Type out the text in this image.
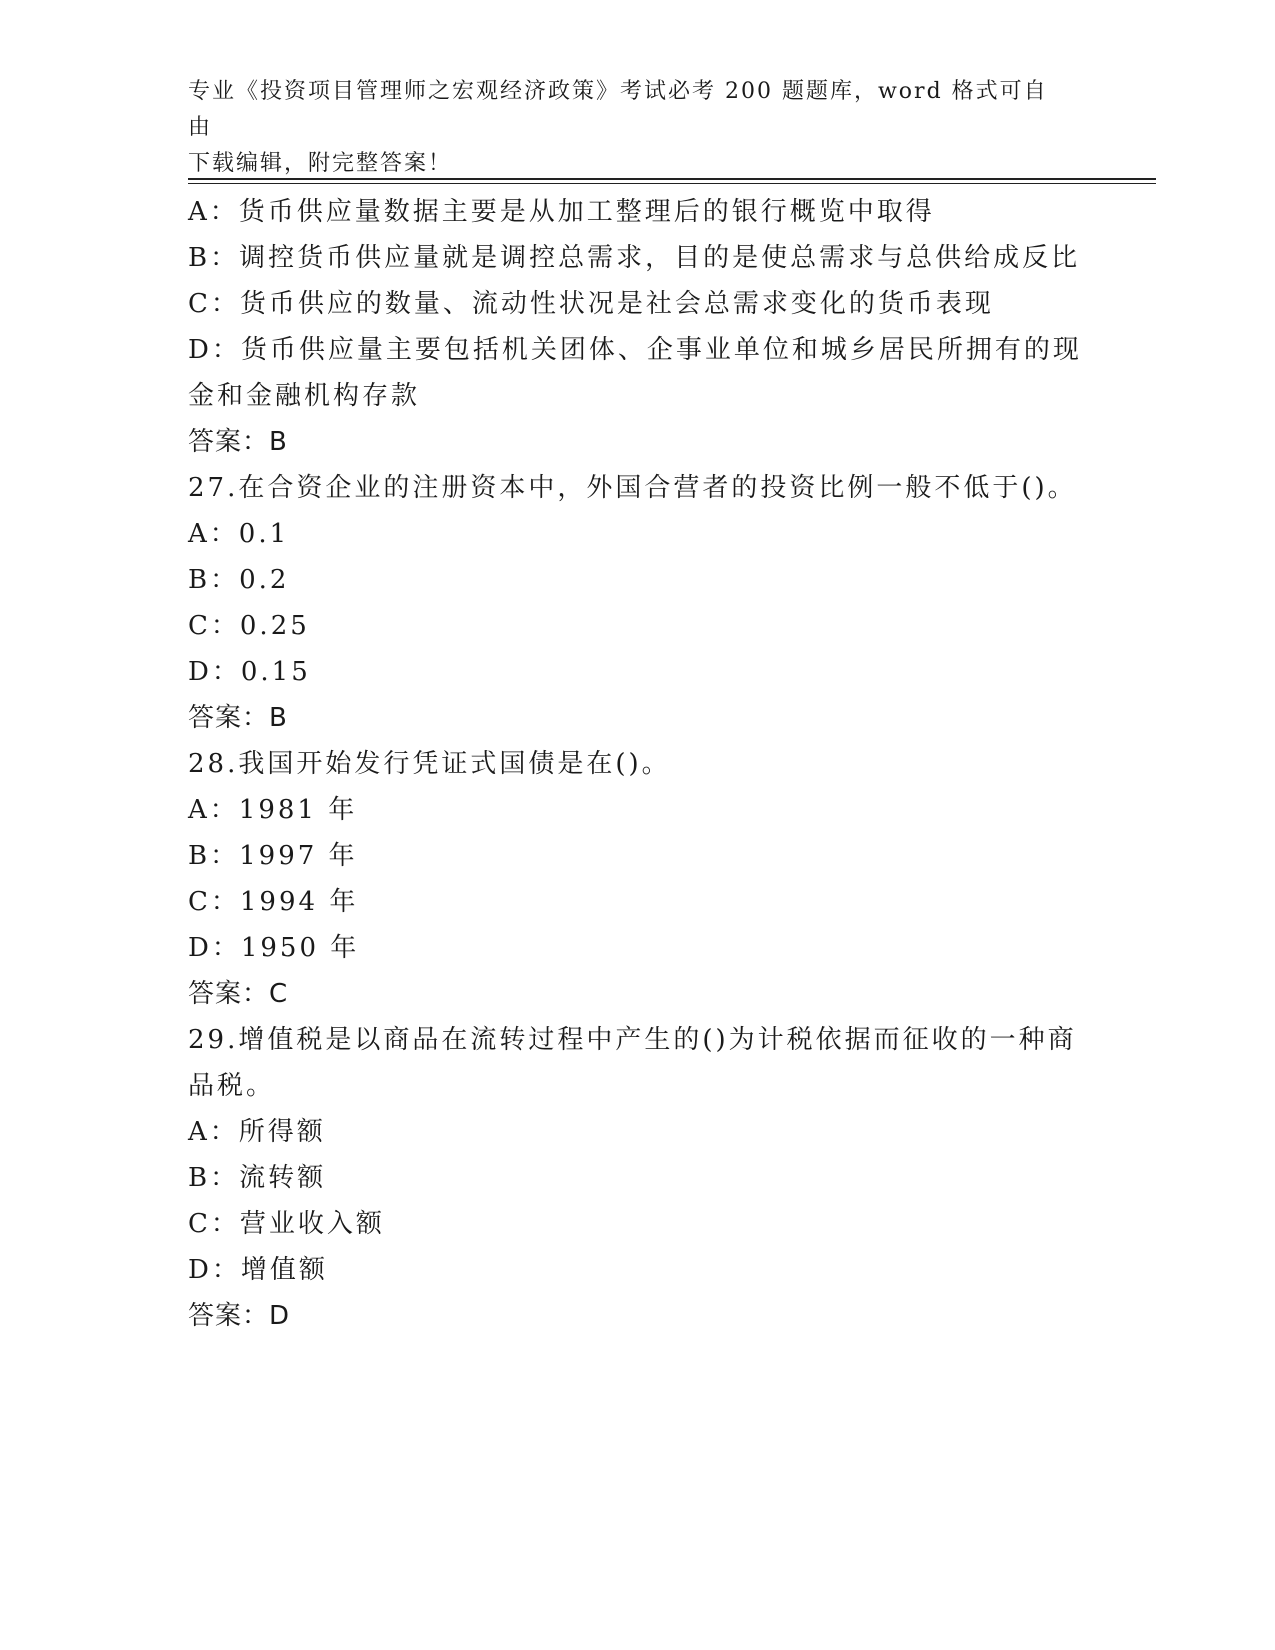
专业《投资项目管理师之宏观经济政策》考试必考 200 题题库，word 格式可自由
下载编辑，附完整答案！

A：货币供应量数据主要是从加工整理后的银行概览中取得

B：调控货币供应量就是调控总需求，目的是使总需求与总供给成反比

C：货币供应的数量、流动性状况是社会总需求变化的货币表现

D：货币供应量主要包括机关团体、企事业单位和城乡居民所拥有的现

金和金融机构存款

答案：B

27.在合资企业的注册资本中，外国合营者的投资比例一般不低于()。

A：0.1

B：0.2

C：0.25

D：0.15

答案：B

28.我国开始发行凭证式国债是在()。

A：1981 年

B：1997 年

C：1994 年

D：1950 年

答案：C

29.增值税是以商品在流转过程中产生的()为计税依据而征收的一种商

品税。

A：所得额

B：流转额

C：营业收入额

D：增值额

答案：D
